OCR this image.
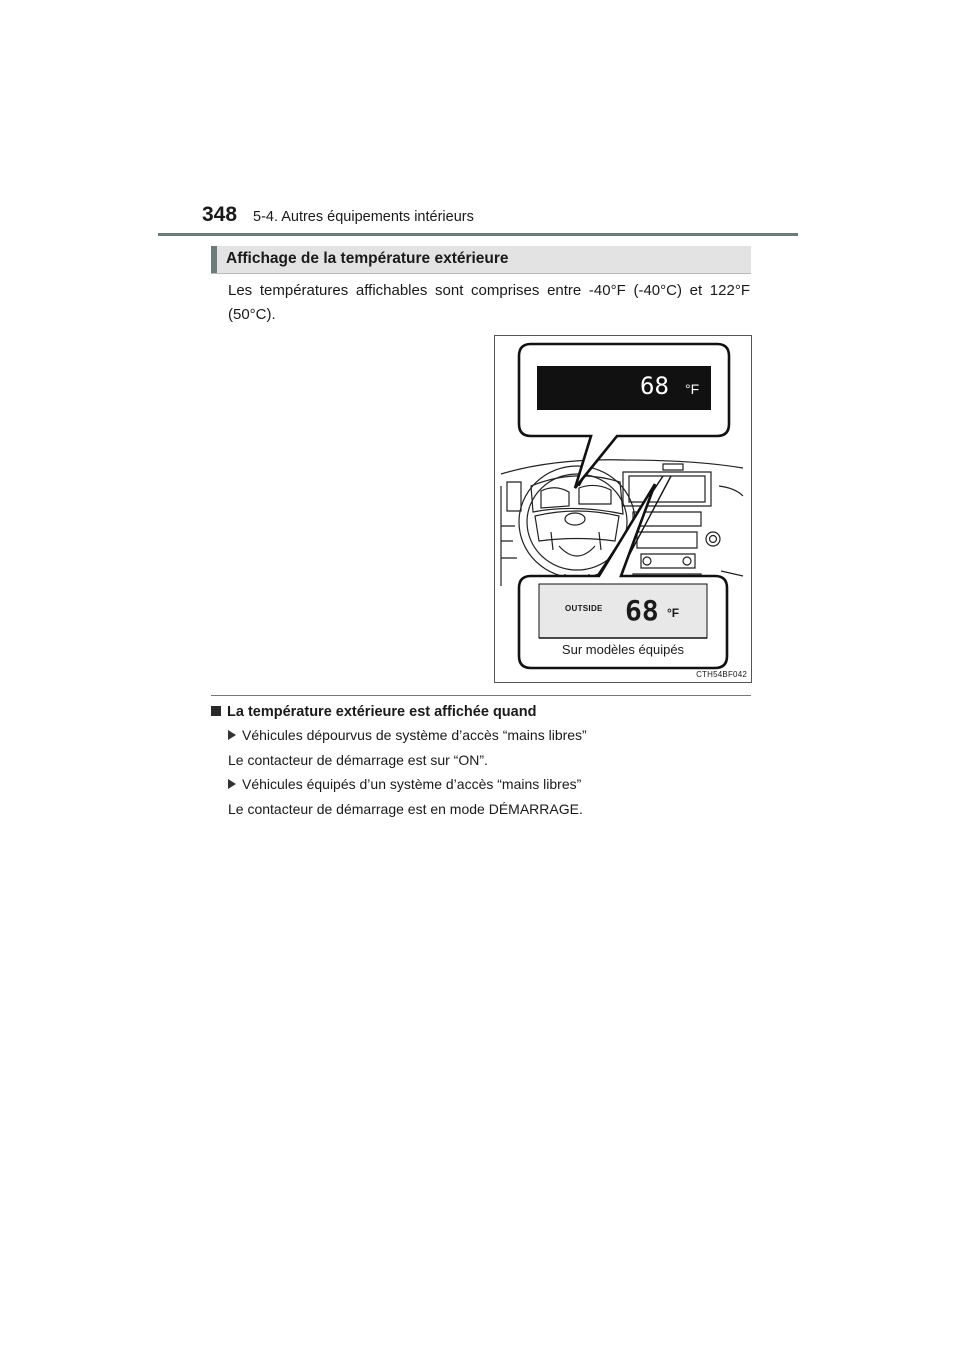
348 5-4. Autres équipements intérieurs
Affichage de la température extérieure
Les températures affichables sont comprises entre -40°F (-40°C) et 122°F (50°C).
68 °F
OUTSIDE 68 °F
Sur modèles équipés
CTH54BF042
La température extérieure est affichée quand
Véhicules dépourvus de système d’accès “mains libres”
Le contacteur de démarrage est sur “ON”.
Véhicules équipés d’un système d’accès “mains libres”
Le contacteur de démarrage est en mode DÉMARRAGE.
